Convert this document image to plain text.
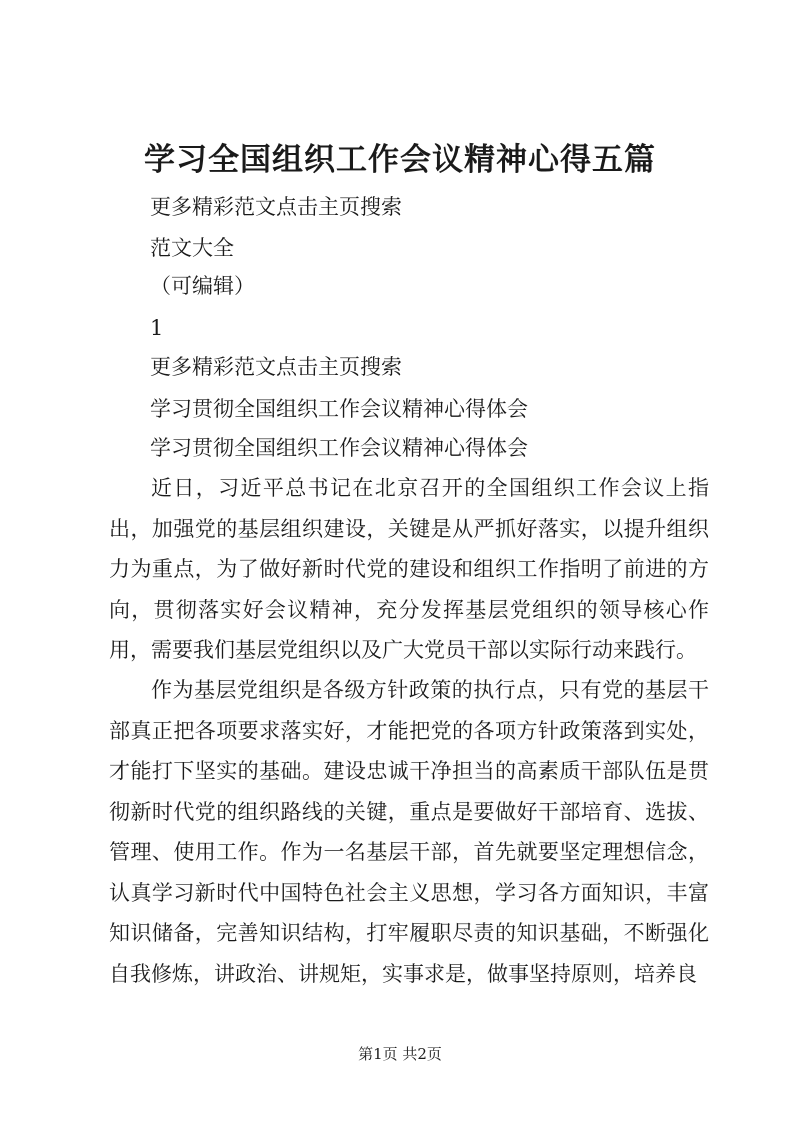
学习全国组织工作会议精神心得五篇

更多精彩范文点击主页搜索

范文大全

（可编辑）

1

更多精彩范文点击主页搜索

学习贯彻全国组织工作会议精神心得体会

学习贯彻全国组织工作会议精神心得体会

近日，习近平总书记在北京召开的全国组织工作会议上指出，加强党的基层组织建设，关键是从严抓好落实，以提升组织力为重点，为了做好新时代党的建设和组织工作指明了前进的方向，贯彻落实好会议精神，充分发挥基层党组织的领导核心作用，需要我们基层党组织以及广大党员干部以实际行动来践行。

作为基层党组织是各级方针政策的执行点，只有党的基层干部真正把各项要求落实好，才能把党的各项方针政策落到实处，才能打下坚实的基础。建设忠诚干净担当的高素质干部队伍是贯彻新时代党的组织路线的关键，重点是要做好干部培育、选拔、管理、使用工作。作为一名基层干部，首先就要坚定理想信念，认真学习新时代中国特色社会主义思想，学习各方面知识，丰富知识储备，完善知识结构，打牢履职尽责的知识基础，不断强化自我修炼，讲政治、讲规矩，实事求是，做事坚持原则，培养良

第1页 共2页
